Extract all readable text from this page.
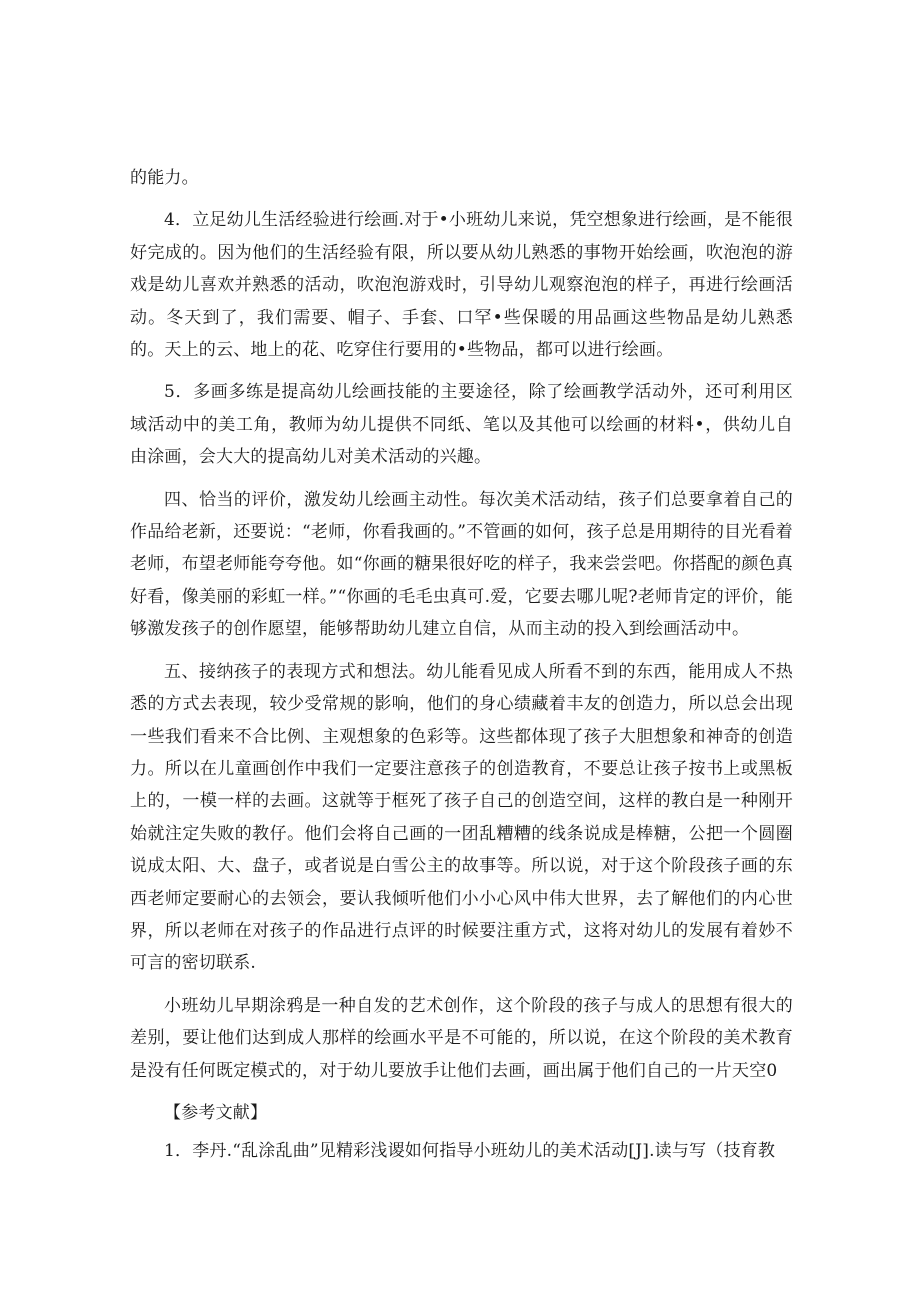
的能力。

4．立足幼儿生活经验进行绘画.对于•小班幼儿来说，凭空想象进行绘画，是不能很好完成的。因为他们的生活经验有限，所以要从幼儿熟悉的事物开始绘画，吹泡泡的游戏是幼儿喜欢并熟悉的活动，吹泡泡游戏时，引导幼儿观察泡泡的样子，再进行绘画活动。冬天到了，我们需要、帽子、手套、口罕•些保暖的用品画这些物品是幼儿熟悉的。天上的云、地上的花、吃穿住行要用的•些物品，都可以进行绘画。

5．多画多练是提高幼儿绘画技能的主要途径，除了绘画教学活动外，还可利用区域活动中的美工角，教师为幼儿提供不同纸、笔以及其他可以绘画的材料•，供幼儿自由涂画，会大大的提高幼儿对美术活动的兴趣。

四、恰当的评价，激发幼儿绘画主动性。每次美术活动结，孩子们总要拿着自己的作品给老新，还要说：“老师，你看我画的。”不管画的如何，孩子总是用期待的目光看着老师，布望老师能夸夸他。如“你画的糖果很好吃的样子，我来尝尝吧。你搭配的颜色真好看，像美丽的彩虹一样。”“你画的毛毛虫真可.爱，它要去哪儿呢?老师肯定的评价，能够激发孩子的创作愿望，能够帮助幼儿建立自信，从而主动的投入到绘画活动中。

五、接纳孩子的表现方式和想法。幼儿能看见成人所看不到的东西，能用成人不热悉的方式去表现，较少受常规的影响，他们的身心绩藏着丰友的创造力，所以总会出现一些我们看来不合比例、主观想象的色彩等。这些都体现了孩子大胆想象和神奇的创造力。所以在儿童画创作中我们一定要注意孩子的创造教育，不要总让孩子按书上或黑板上的，一模一样的去画。这就等于框死了孩子自己的创造空间，这样的教白是一种刚开始就注定失败的教仔。他们会将自己画的一团乱糟糟的线条说成是棒糖，公把一个圆圈说成太阳、大、盘子，或者说是白雪公主的故事等。所以说，对于这个阶段孩子画的东西老师定要耐心的去领会，要认我倾听他们小小心风中伟大世界，去了解他们的内心世界，所以老师在对孩子的作品进行点评的时候要注重方式，这将对幼儿的发展有着妙不可言的密切联系.

小班幼儿早期涂鸦是一种自发的艺术创作，这个阶段的孩子与成人的思想有很大的差别，要让他们达到成人那样的绘画水平是不可能的，所以说，在这个阶段的美术教育是没有任何既定模式的，对于幼儿要放手让他们去画，画出属于他们自己的一片天空0

【参考文献】

1．李丹.“乱涂乱曲”见精彩浅谡如何指导小班幼儿的美术活动[J].读与写（技育教
